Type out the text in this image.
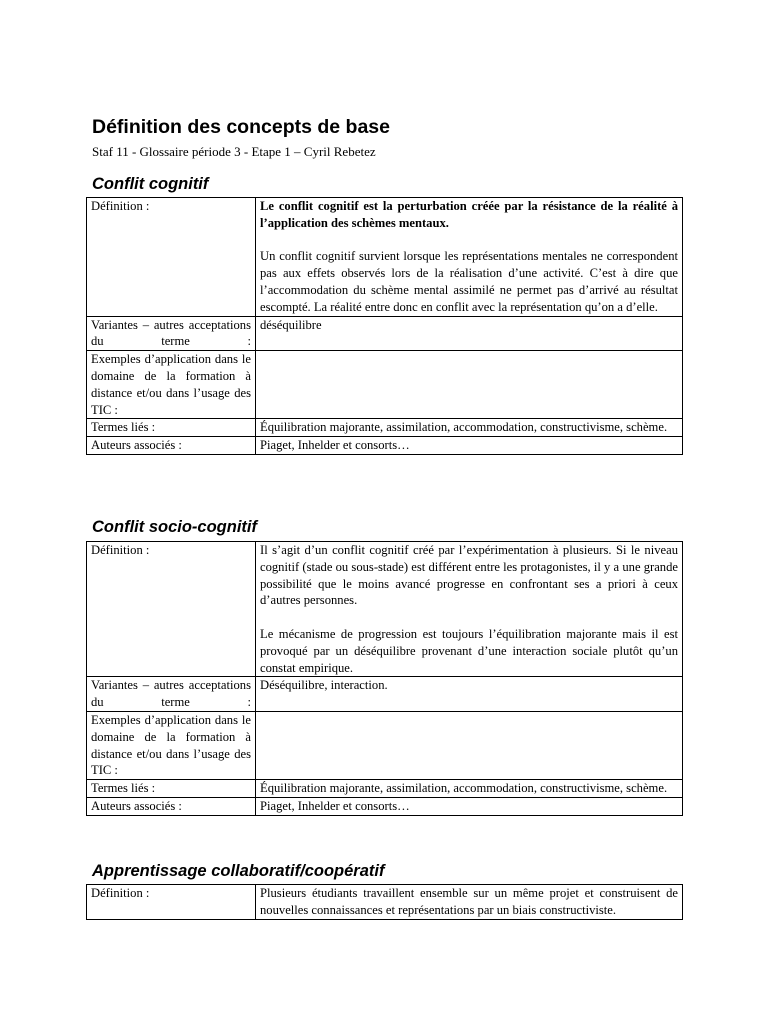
Définition des concepts de base
Staf 11 - Glossaire période 3 - Etape 1 – Cyril Rebetez
Conflit cognitif
Définition :	Le conflit cognitif est la perturbation créée par la résistance de la réalité à l’application des schèmes mentaux.

Un conflit cognitif survient lorsque les représentations mentales ne correspondent pas aux effets observés lors de la réalisation d’une activité. C’est à dire que l’accommodation du schème mental assimilé ne permet pas d’arrivé au résultat escompté. La réalité entre donc en conflit avec la représentation qu’on a d’elle.

Variantes – autres acceptations du terme :	déséquilibre
Exemples d’application dans le domaine de la formation à distance et/ou dans l’usage des TIC :	
Termes liés :	Équilibration majorante, assimilation, accommodation, constructivisme, schème.
Auteurs associés :	Piaget, Inhelder et consorts…
Conflit socio-cognitif
Définition :	Il s’agit d’un conflit cognitif créé par l’expérimentation à plusieurs. Si le niveau cognitif (stade ou sous-stade) est différent entre les protagonistes, il y a une grande possibilité que le moins avancé progresse en confrontant ses a priori à ceux d’autres personnes.

Le mécanisme de progression est toujours l’équilibration majorante mais il est provoqué par un déséquilibre provenant d’une interaction sociale plutôt qu’un constat empirique.

Variantes – autres acceptations du terme :	Déséquilibre, interaction.
Exemples d’application dans le domaine de la formation à distance et/ou dans l’usage des TIC :	
Termes liés :	Équilibration majorante, assimilation, accommodation, constructivisme, schème.
Auteurs associés :	Piaget, Inhelder et consorts…
Apprentissage collaboratif/coopératif
Définition :	Plusieurs étudiants travaillent ensemble sur un même projet et construisent de nouvelles connaissances et représentations par un biais constructiviste.
